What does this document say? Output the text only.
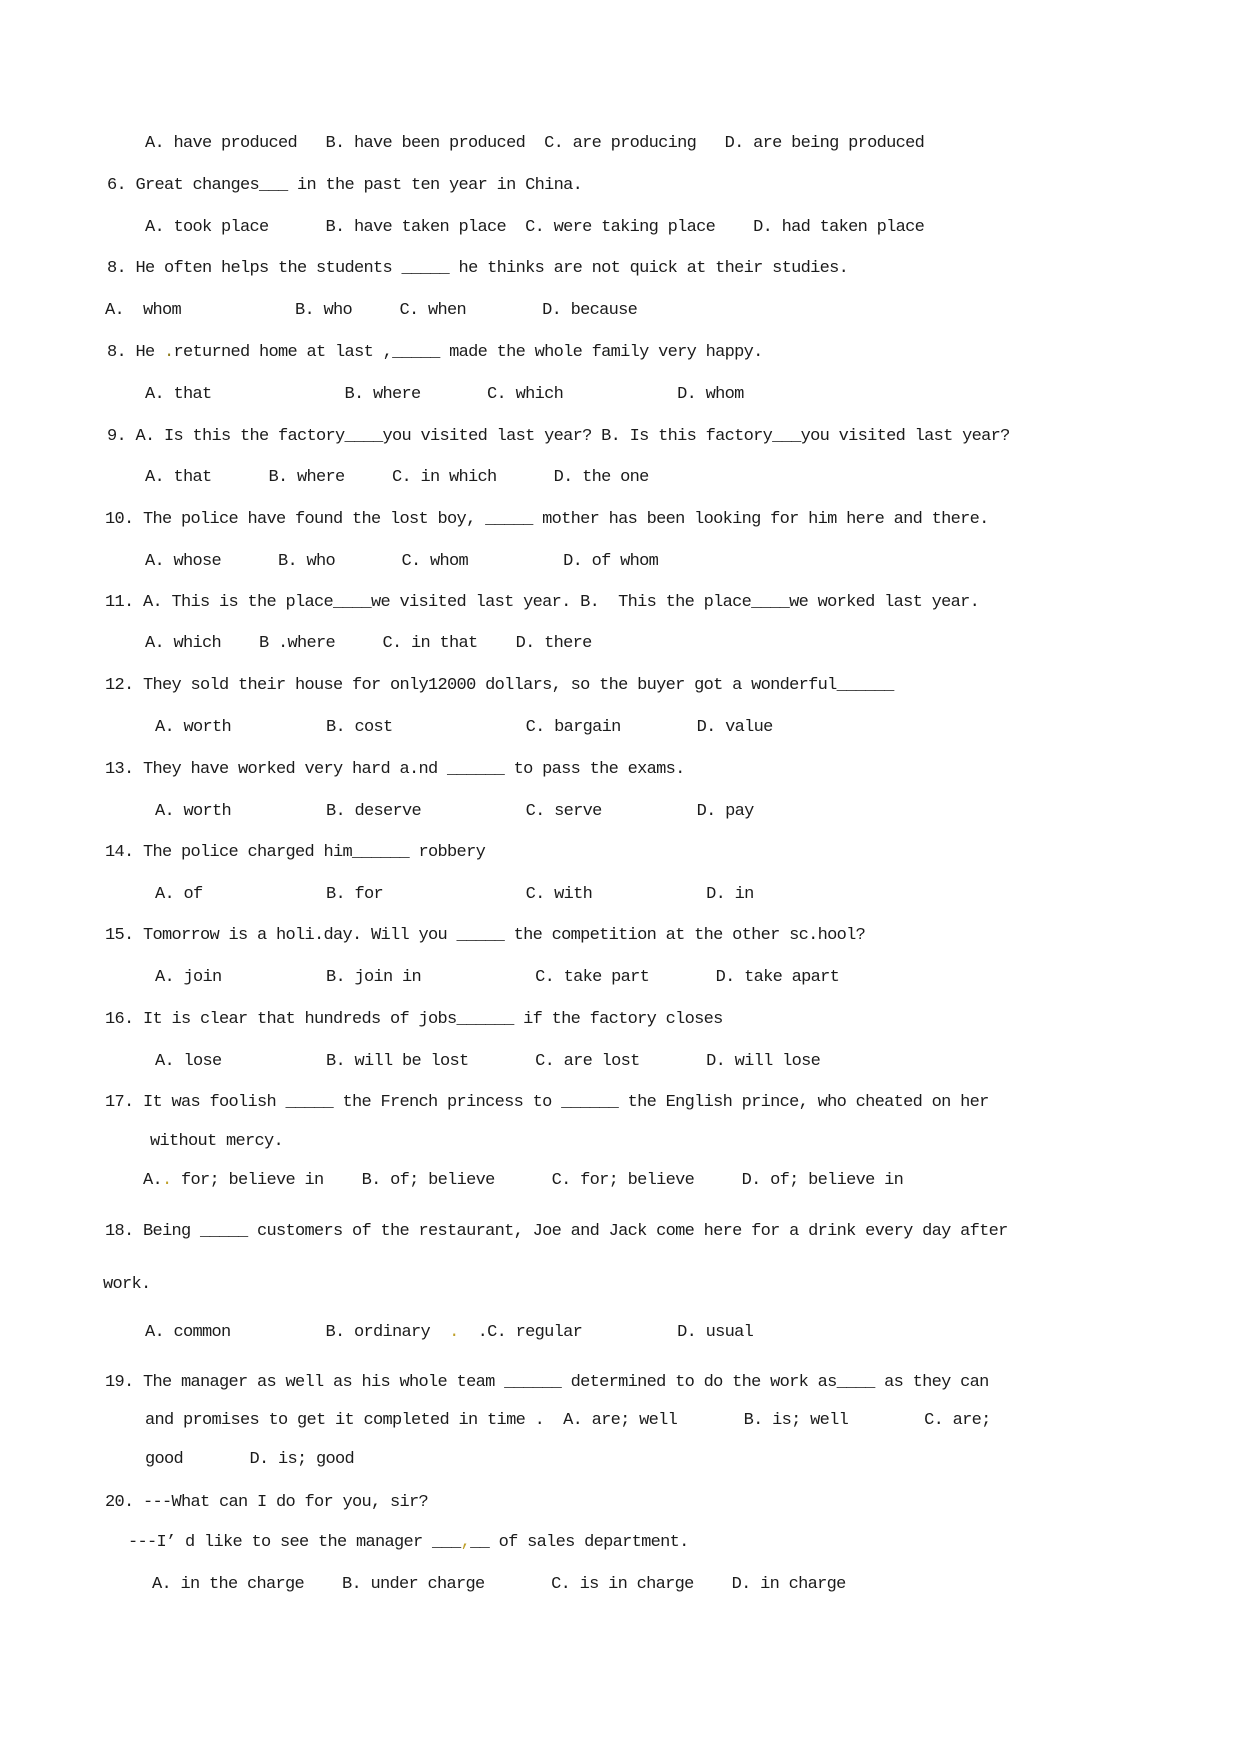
A. have produced   B. have been produced  C. are producing   D. are being produced
6. Great changes___ in the past ten year in China.
A. took place      B. have taken place  C. were taking place    D. had taken place
8. He often helps the students _____ he thinks are not quick at their studies.
A.  whom            B. who     C. when        D. because
8. He .returned home at last ,_____ made the whole family very happy.
A. that              B. where       C. which            D. whom
9. A. Is this the factory____you visited last year? B. Is this factory___you visited last year?
A. that      B. where     C. in which      D. the one
10. The police have found the lost boy, _____ mother has been looking for him here and there.
A. whose      B. who       C. whom          D. of whom
11. A. This is the place____we visited last year. B.  This the place____we worked last year.
A. which    B .where     C. in that    D. there
12. They sold their house for only12000 dollars, so the buyer got a wonderful______
A. worth          B. cost              C. bargain        D. value
13. They have worked very hard a.nd ______ to pass the exams.
A. worth          B. deserve           C. serve          D. pay
14. The police charged him______ robbery
A. of             B. for               C. with            D. in
15. Tomorrow is a holi.day. Will you _____ the competition at the other sc.hool?
A. join           B. join in            C. take part       D. take apart
16. It is clear that hundreds of jobs______ if the factory closes
A. lose           B. will be lost       C. are lost       D. will lose
17. It was foolish _____ the French princess to ______ the English prince, who cheated on her
without mercy.
A.. for; believe in    B. of; believe      C. for; believe     D. of; believe in
18. Being _____ customers of the restaurant, Joe and Jack come here for a drink every day after
work.
A. common          B. ordinary  .  .C. regular          D. usual
19. The manager as well as his whole team ______ determined to do the work as____ as they can
and promises to get it completed in time .  A. are; well       B. is; well        C. are;
good       D. is; good
20. ---What can I do for you, sir?
---I’ d like to see the manager ___,__ of sales department.
A. in the charge    B. under charge       C. is in charge    D. in charge
